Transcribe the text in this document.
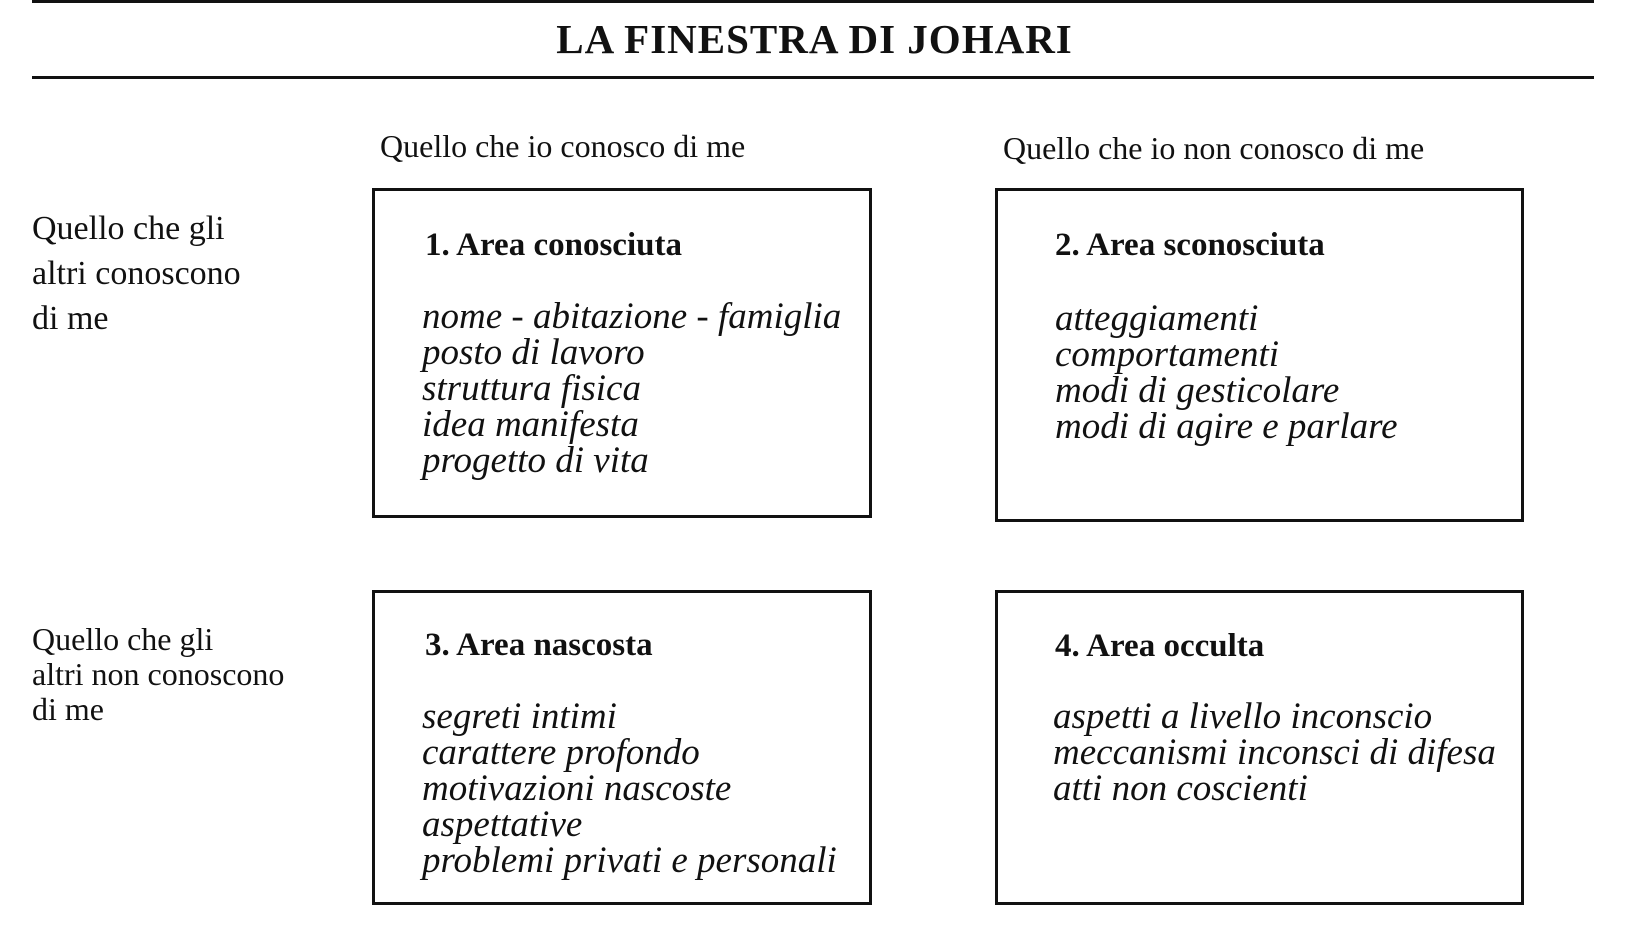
LA FINESTRA DI JOHARI
Quello che io conosco di me	Quello che io non conosco di me
Quello che gli
altri conoscono
di me
Quello che gli
altri non conoscono
di me
1. Area conosciuta
nome - abitazione - famiglia
posto di lavoro
struttura fisica
idea manifesta
progetto di vita
2. Area sconosciuta
atteggiamenti
comportamenti
modi di gesticolare
modi di agire e parlare
3. Area nascosta
segreti intimi
carattere profondo
motivazioni nascoste
aspettative
problemi privati e personali
4. Area occulta
aspetti a livello inconscio
meccanismi inconsci di difesa
atti non coscienti
